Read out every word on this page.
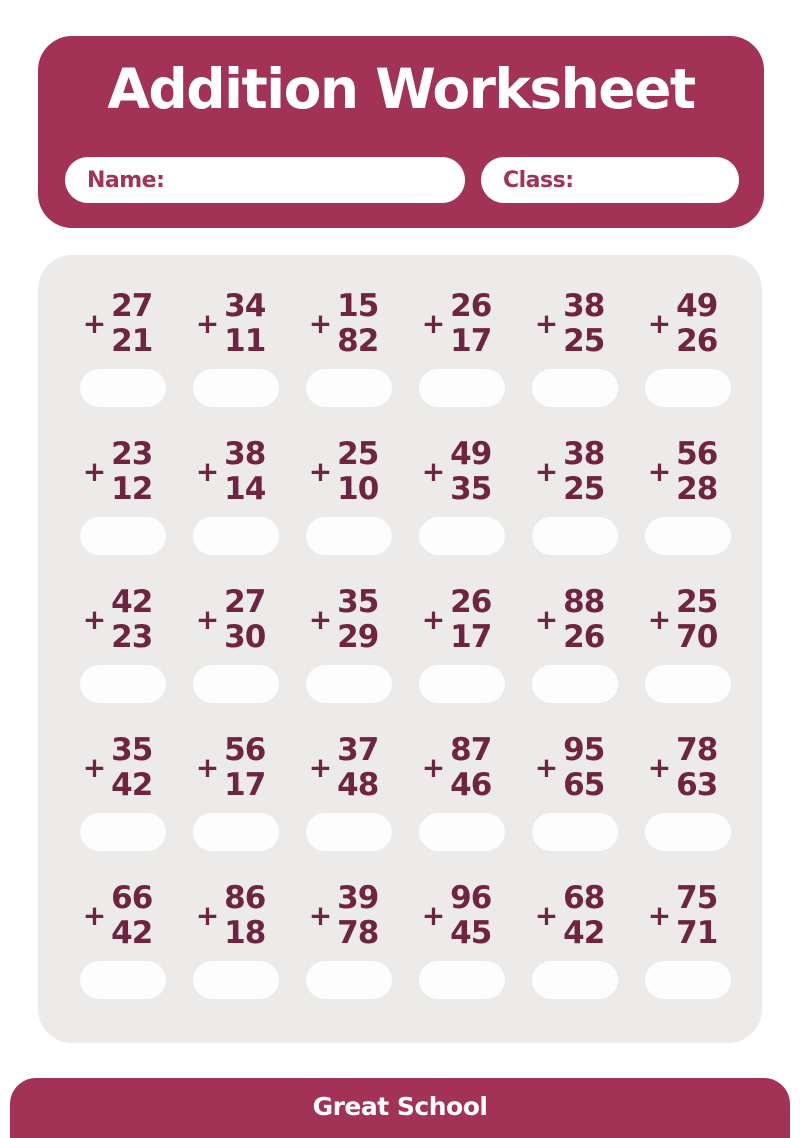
Addition Worksheet
Name:	Class:
+ 27
21 + 34
11 + 15
82 + 26
17 + 38
25 + 49
26
+ 23
12 + 38
14 + 25
10 + 49
35 + 38
25 + 56
28
+ 42
23 + 27
30 + 35
29 + 26
17 + 88
26 + 25
70
+ 35
42 + 56
17 + 37
48 + 87
46 + 95
65 + 78
63
+ 66
42 + 86
18 + 39
78 + 96
45 + 68
42 + 75
71
Great School
